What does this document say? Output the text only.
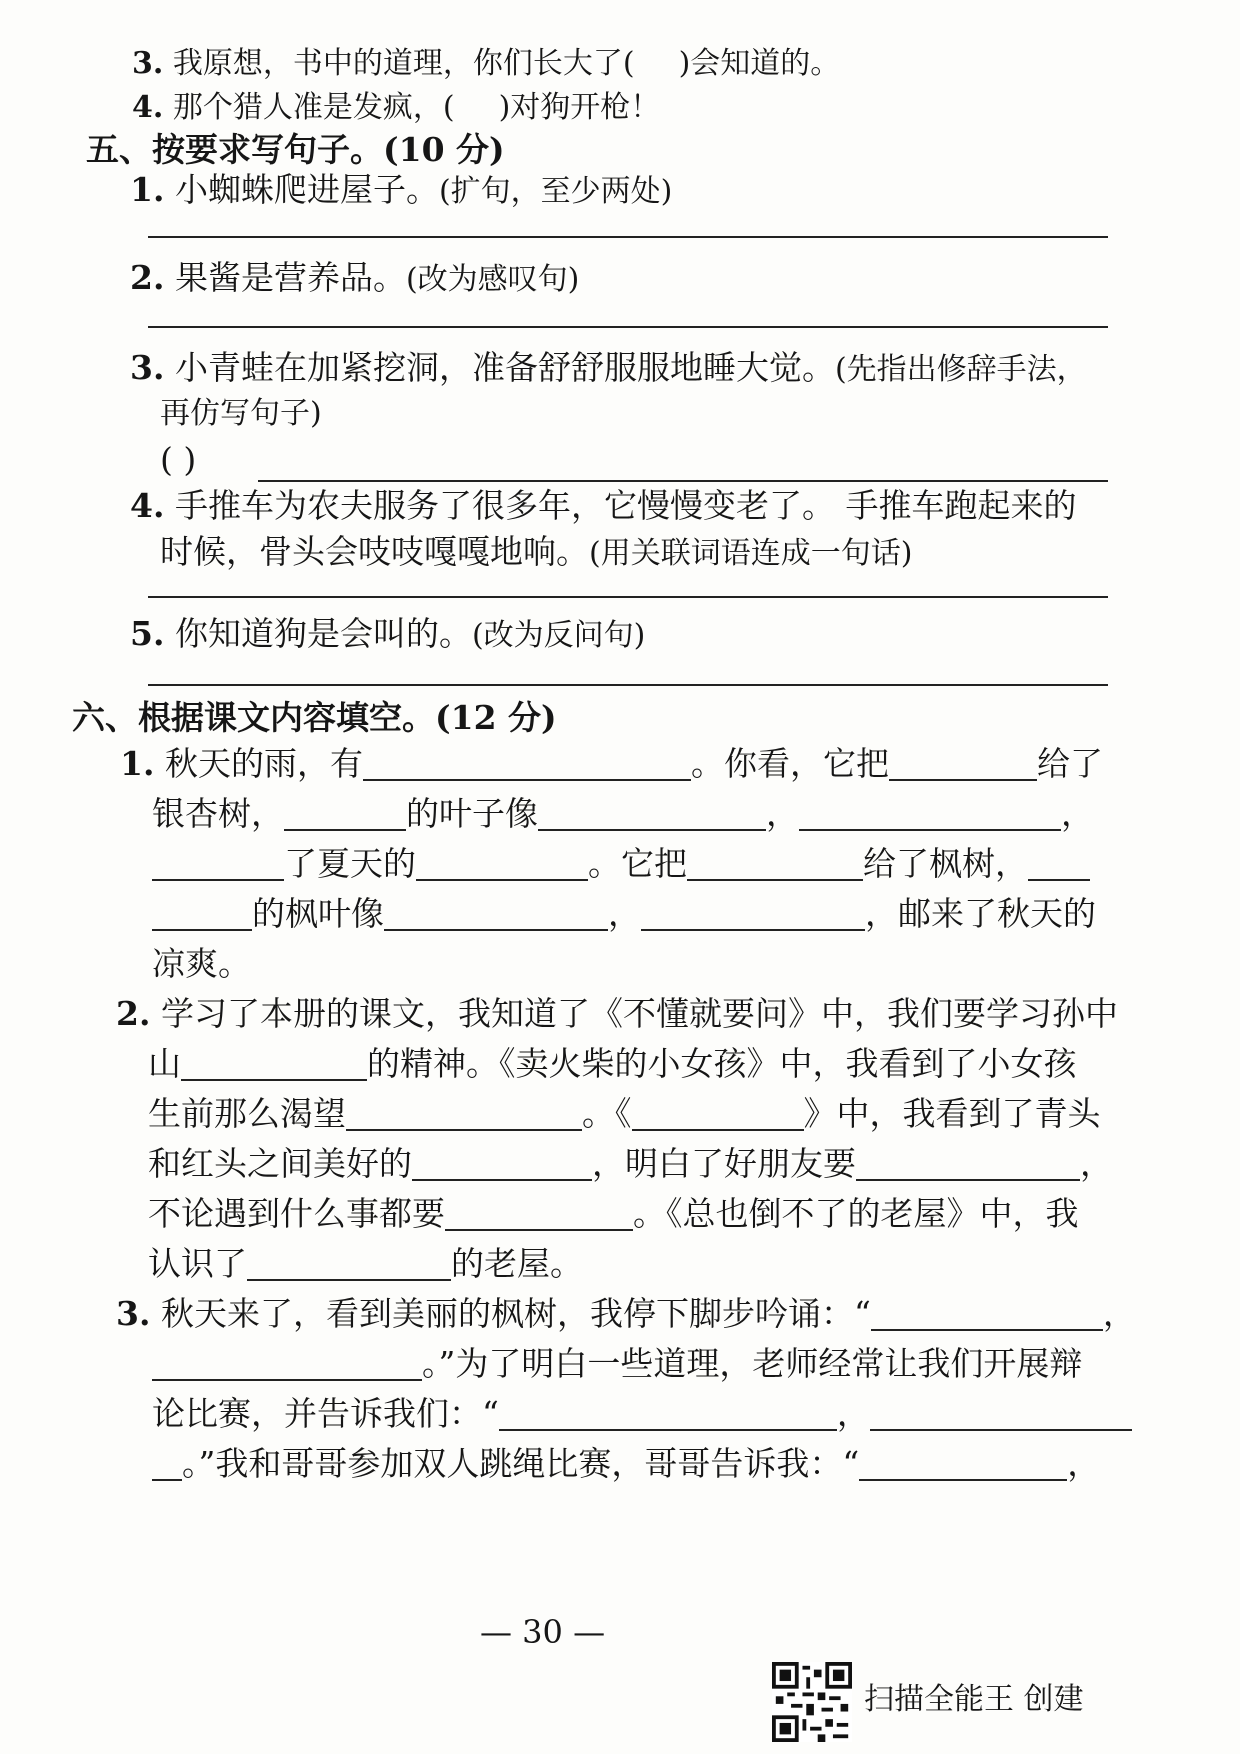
3. 我原想，书中的道理，你们长大了( )会知道的。
4. 那个猎人准是发疯，( )对狗开枪！
五、按要求写句子。(10 分)
1. 小蜘蛛爬进屋子。(扩句，至少两处)
2. 果酱是营养品。(改为感叹句)
3. 小青蛙在加紧挖洞，准备舒舒服服地睡大觉。(先指出修辞手法，
再仿写句子)
( )
4. 手推车为农夫服务了很多年，它慢慢变老了。 手推车跑起来的
时候，骨头会吱吱嘎嘎地响。(用关联词语连成一句话)
5. 你知道狗是会叫的。(改为反问句)
六、根据课文内容填空。(12 分)
1. 秋天的雨，有	。你看，它把	给了
银杏树，	的叶子像	，	，
了夏天的	。它把	给了枫树，
的枫叶像	，	，邮来了秋天的
凉爽。
2. 学习了本册的课文，我知道了《不懂就要问》中，我们要学习孙中
山	的精神。《卖火柴的小女孩》中，我看到了小女孩
生前那么渴望	。《	》中，我看到了青头
和红头之间美好的	，明白了好朋友要	，
不论遇到什么事都要	。《总也倒不了的老屋》中，我
认识了	的老屋。
3. 秋天来了，看到美丽的枫树，我停下脚步吟诵：“	，
。”为了明白一些道理，老师经常让我们开展辩
论比赛，并告诉我们：“	，
。”我和哥哥参加双人跳绳比赛，哥哥告诉我：“	，
— 30 —
扫描全能王 创建
